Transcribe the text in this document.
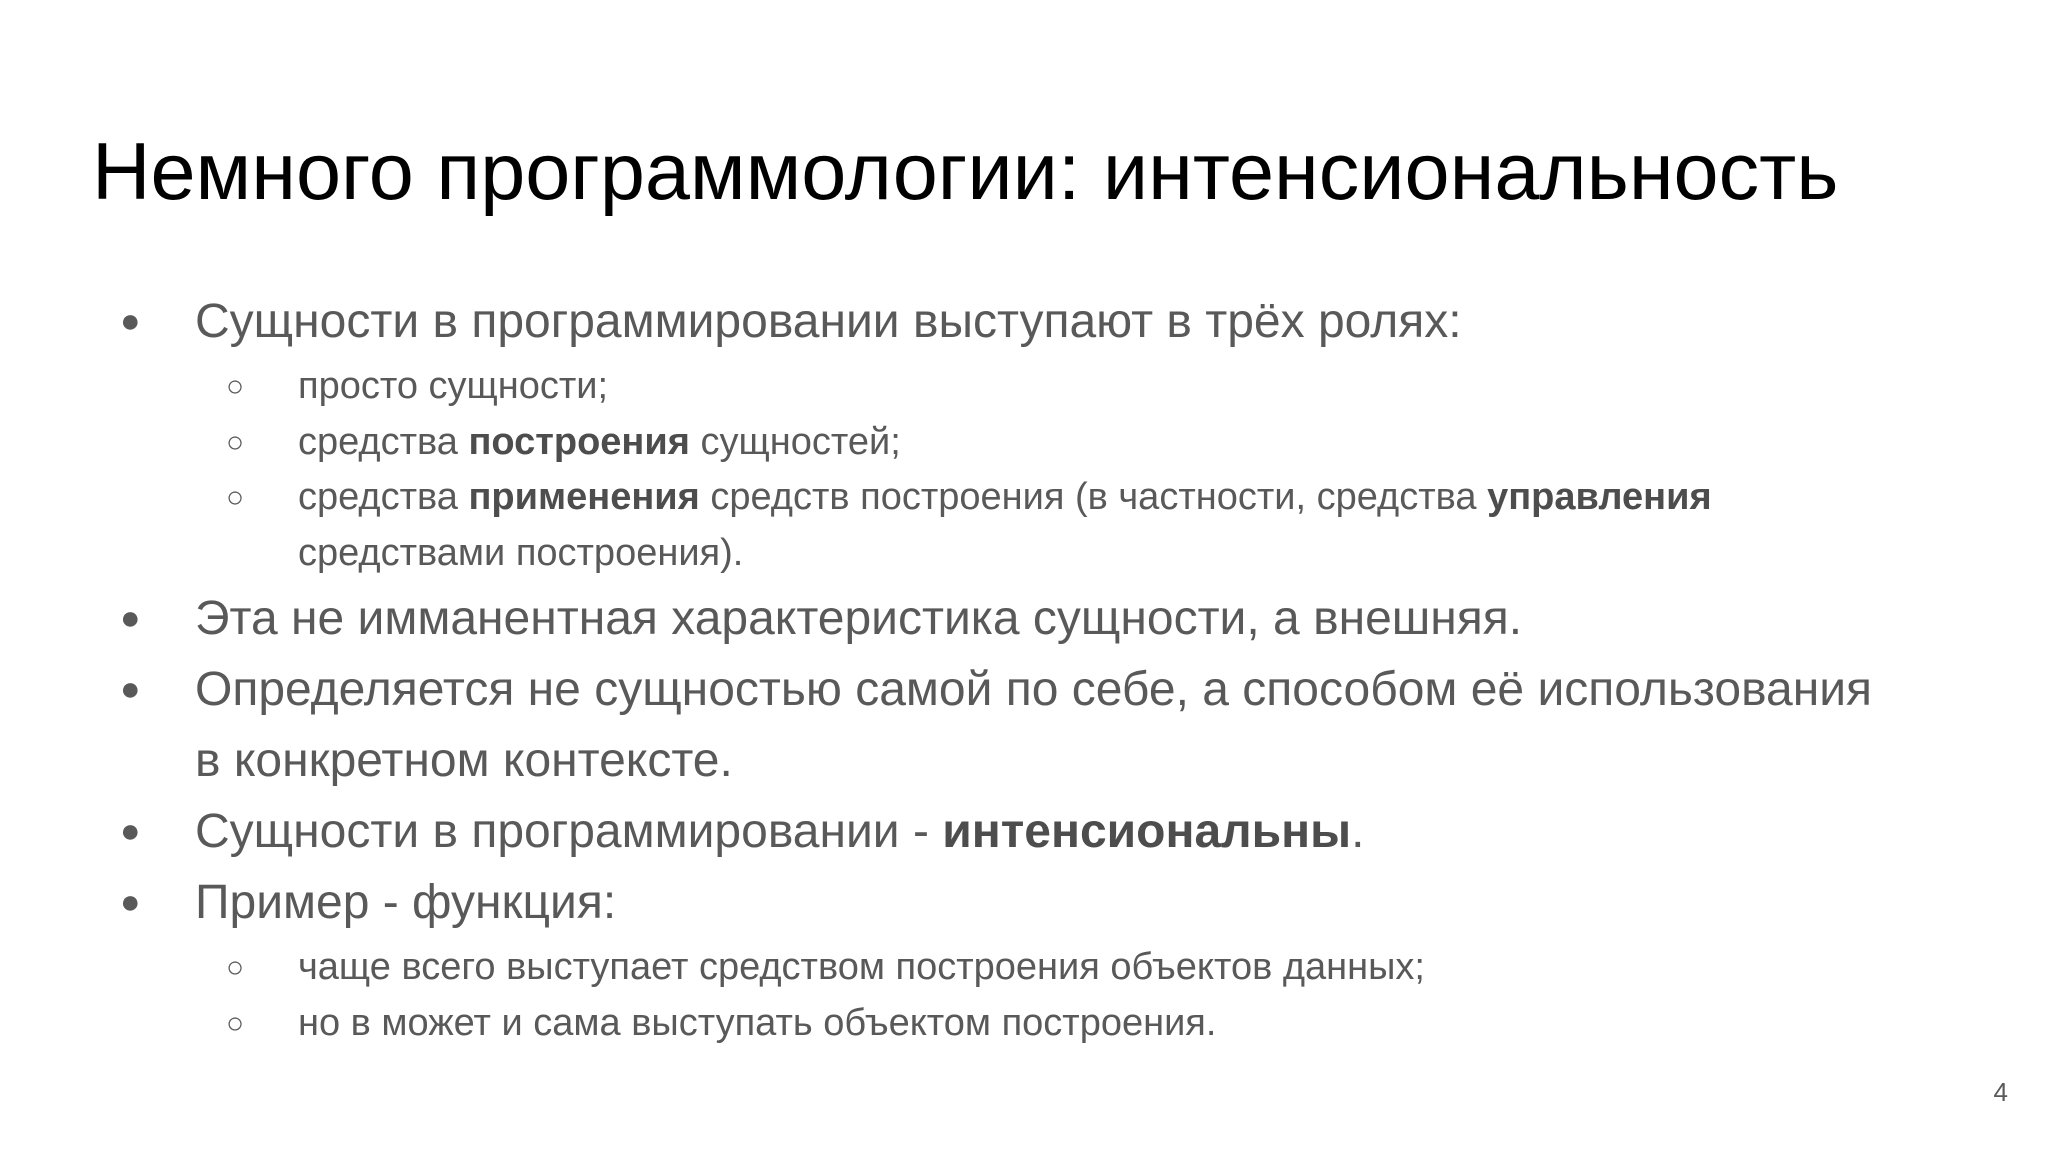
Немного программологии: интенсиональность
● Сущности в программировании выступают в трёх ролях:
○ просто сущности;
○ средства построения сущностей;
○ средства применения средств построения (в частности, средства управления средствами построения).
● Эта не имманентная характеристика сущности, а внешняя.
● Определяется не сущностью самой по себе, а способом её использования в конкретном контексте.
● Сущности в программировании - интенсиональны.
● Пример - функция:
○ чаще всего выступает средством построения объектов данных;
○ но в может и сама выступать объектом построения.
4
